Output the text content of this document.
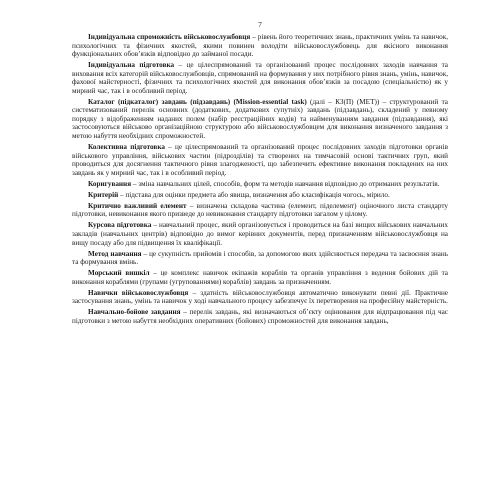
7

Індивідуальна спроможність військовослужбовця – рівень його теоретичних знань, практичних умінь та навичок, психологічних та фізичних якостей, якими повинен володіти військовослужбовець для якісного виконання функціональних обов’язків відповідно до займаної посади.

Індивідуальна підготовка – це цілеспрямований та організований процес послідовних заходів навчання та виховання всіх категорій військовослужбовців, спрямований на формування у них потрібного рівня знань, умінь, навичок, фахової майстерності, фізичних та психологічних якостей для виконання обов’язків за посадою (спеціальністю) як у мирний час, так і в особливий період.

Каталог (підкаталог) завдань (підзавдань) (Mission-essential task) (далі – КЗ(П) (MET)) – структурований та систематизований перелік основних (додаткових, додаткових супутніх) завдань (підзавдань), складений у певному порядку з відображенням наданих полем (набір реєстраційних кодів) та найменуванням завдання (підзавдання), які застосовуються військово організаційною структурою або військовослужбовцем для виконання визначеного завдання з метою набуття необхідних спроможностей.

Колективна підготовка – це цілеспрямований та організований процес послідовних заходів підготовки органів військового управління, військових частин (підрозділів) та створених на тимчасовій основі тактичних груп, який проводиться для досягнення тактичного рівня злагодженості, що забезпечить ефективне виконання покладених на них завдань як у мирний час, так і в особливий період.

Коригування – зміна навчальних цілей, способів, форм та методів навчання відповідно до отриманих результатів.

Критерій – підстава для оцінки предмета або явища, визначення або класифікація чогось, мірило.

Критично важливий елемент – визначена складова частина (елемент, піделемент) оціночного листа стандарту підготовки, невиконання якого призведе до невиконання стандарту підготовки загалом у цілому.

Курсова підготовка – навчальний процес, який організовується і проводиться на базі вищих військових навчальних закладів (навчальних центрів) відповідно до вимог керівних документів, перед призначенням військовослужбовця на вищу посаду або для підвищення їх кваліфікації.

Метод навчання – це сукупність прийомів і способів, за допомогою яких здійснюється передача та засвоєння знань та формування вмінь.

Морський вишкіл – це комплекс навичок екіпажів кораблів та органів управління з ведення бойових дій та виконання кораблями (групами (угрупованнями) кораблів) завдань за призначенням.

Навички військовослужбовця – здатність військовослужбовця автоматично виконувати певні дії. Практичне застосування знань, умінь та навичок у ході навчального процесу забезпечує їх перетворення на професійну майстерність.

Навчально-бойове завдання – перелік завдань, які визначаються об’єкту оцінювання для відпрацювання під час підготовки з метою набуття необхідних оперативних (бойових) спроможностей для виконання завдань,
